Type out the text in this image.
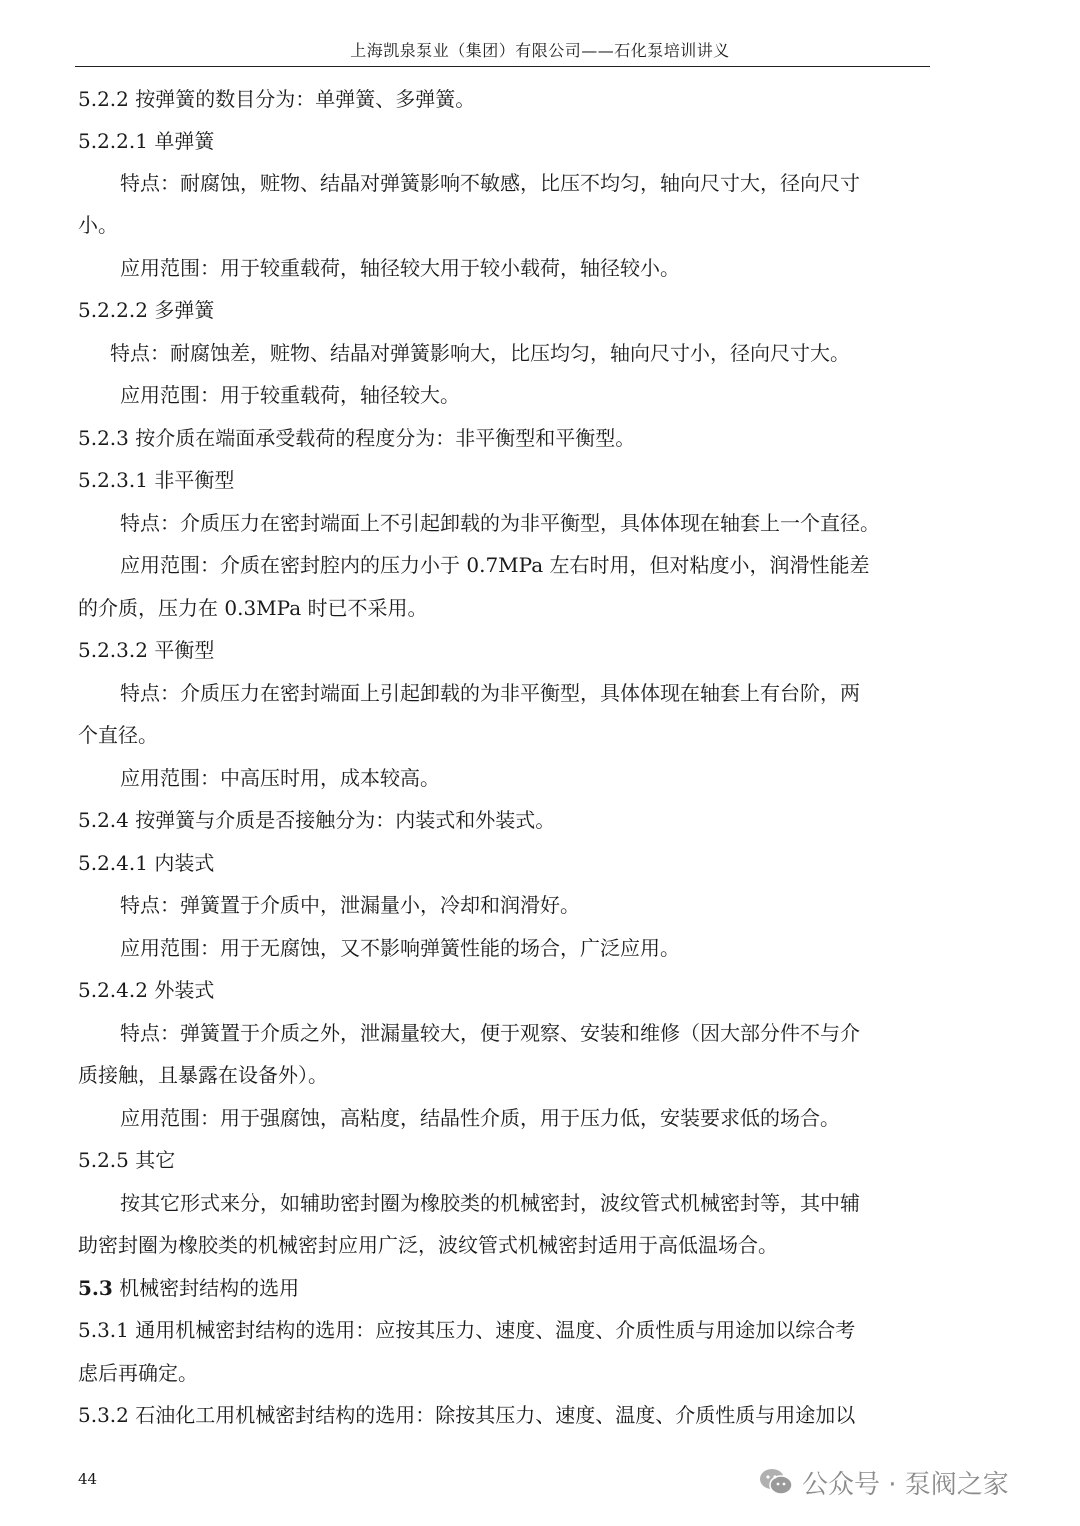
上海凯泉泵业（集团）有限公司——石化泵培训讲义
5.2.2 按弹簧的数目分为：单弹簧、多弹簧。
5.2.2.1 单弹簧
特点：耐腐蚀，赃物、结晶对弹簧影响不敏感，比压不均匀，轴向尺寸大，径向尺寸
小。
应用范围：用于较重载荷，轴径较大用于较小载荷，轴径较小。
5.2.2.2 多弹簧
特点：耐腐蚀差，赃物、结晶对弹簧影响大，比压均匀，轴向尺寸小，径向尺寸大。
应用范围：用于较重载荷，轴径较大。
5.2.3 按介质在端面承受载荷的程度分为：非平衡型和平衡型。
5.2.3.1 非平衡型
特点：介质压力在密封端面上不引起卸载的为非平衡型，具体体现在轴套上一个直径。
应用范围：介质在密封腔内的压力小于 0.7MPa 左右时用，但对粘度小，润滑性能差
的介质，压力在 0.3MPa 时已不采用。
5.2.3.2 平衡型
特点：介质压力在密封端面上引起卸载的为非平衡型，具体体现在轴套上有台阶，两
个直径。
应用范围：中高压时用，成本较高。
5.2.4 按弹簧与介质是否接触分为：内装式和外装式。
5.2.4.1 内装式
特点：弹簧置于介质中，泄漏量小，冷却和润滑好。
应用范围：用于无腐蚀，又不影响弹簧性能的场合，广泛应用。
5.2.4.2 外装式
特点：弹簧置于介质之外，泄漏量较大，便于观察、安装和维修（因大部分件不与介
质接触，且暴露在设备外）。
应用范围：用于强腐蚀，高粘度，结晶性介质，用于压力低，安装要求低的场合。
5.2.5 其它
按其它形式来分，如辅助密封圈为橡胶类的机械密封，波纹管式机械密封等，其中辅
助密封圈为橡胶类的机械密封应用广泛，波纹管式机械密封适用于高低温场合。
5.3 机械密封结构的选用
5.3.1 通用机械密封结构的选用：应按其压力、速度、温度、介质性质与用途加以综合考
虑后再确定。
5.3.2 石油化工用机械密封结构的选用：除按其压力、速度、温度、介质性质与用途加以
44	公众号 · 泵阀之家
